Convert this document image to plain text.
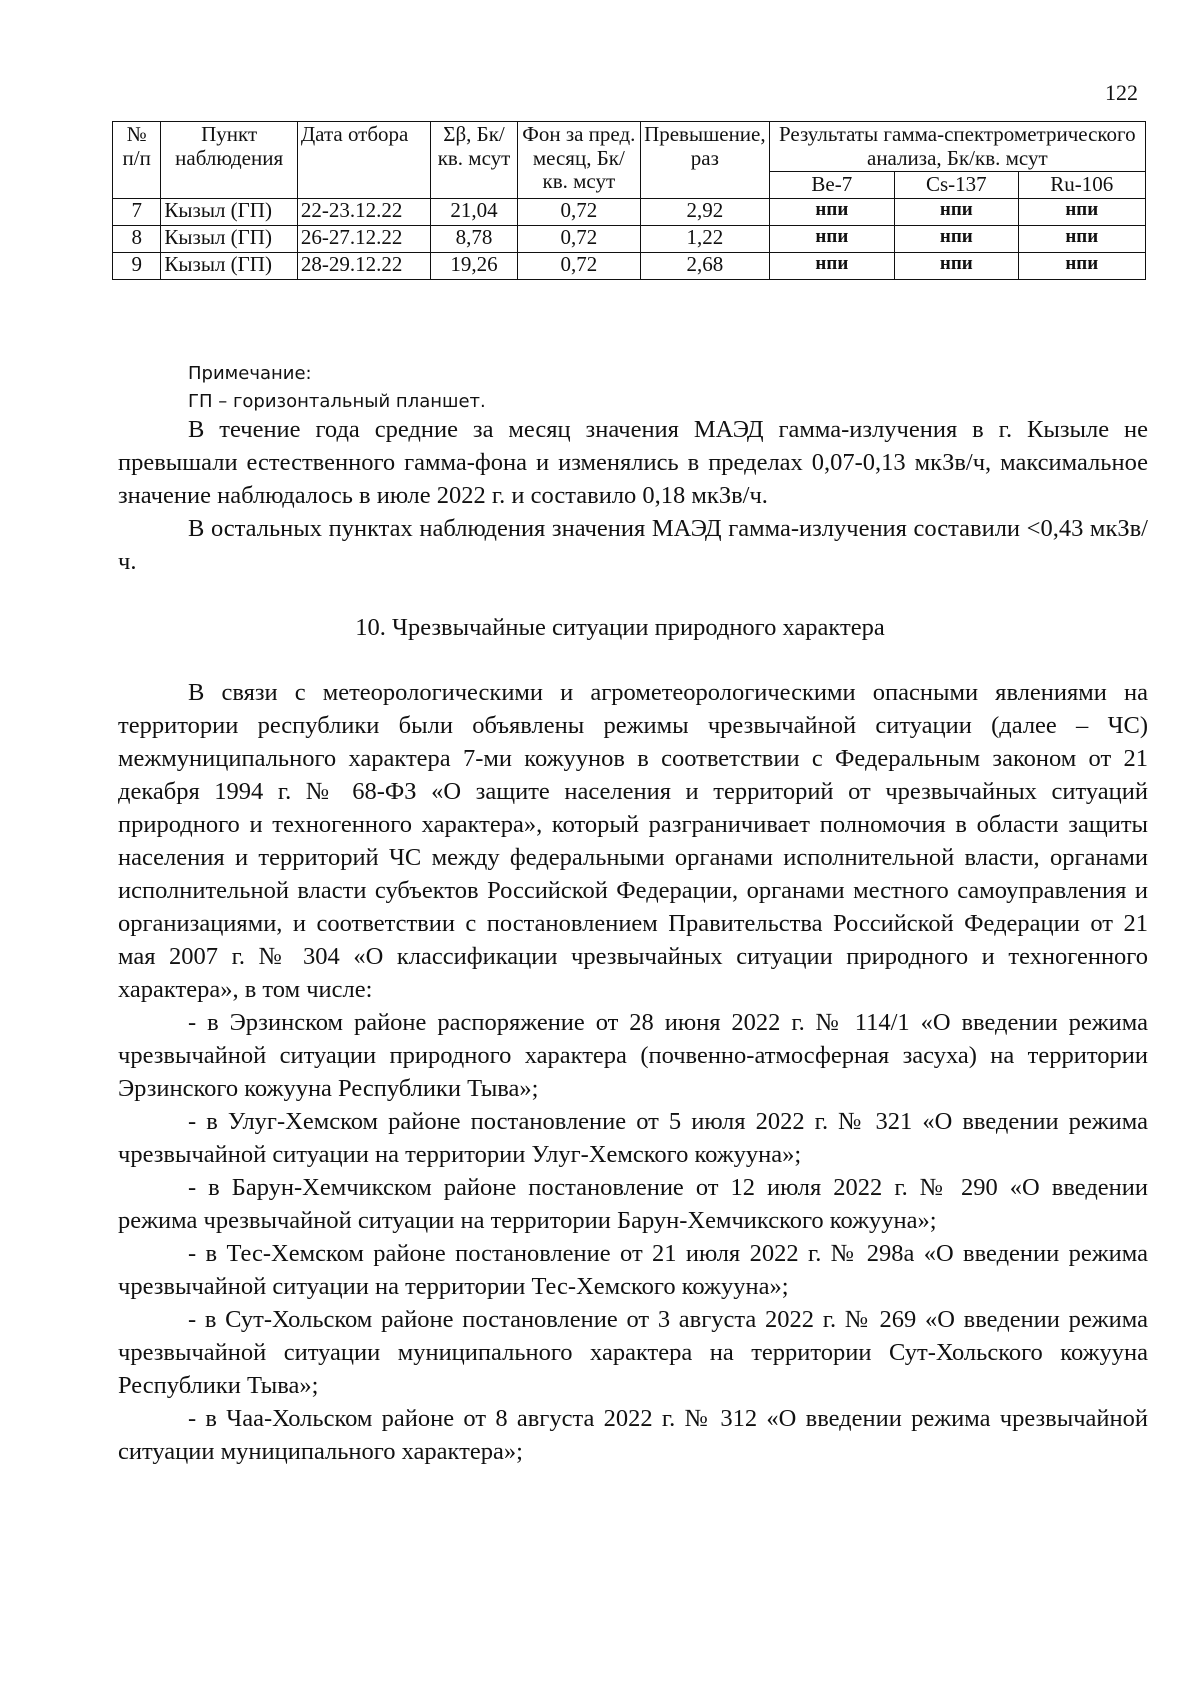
122
№ п/п	Пункт наблюдения	Дата отбора	Σβ, Бк/кв. мсут	Фон за пред. месяц, Бк/кв. мсут	Превышение, раз	Результаты гамма-спектрометрического анализа, Бк/кв. мсут		
						Be-7	Cs-137	Ru-106
7	Кызыл (ГП)	22-23.12.22	21,04	0,72	2,92	нпи	нпи	нпи
8	Кызыл (ГП)	26-27.12.22	8,78	0,72	1,22	нпи	нпи	нпи
9	Кызыл (ГП)	28-29.12.22	19,26	0,72	2,68	нпи	нпи	нпи
Примечание:
ГП – горизонтальный планшет.

В течение года средние за месяц значения МАЭД гамма-излучения в г. Кызыле не превышали естественного гамма-фона и изменялись в пределах 0,07-0,13 мкЗв/ч, максимальное значение наблюдалось в июле 2022 г. и составило 0,18 мкЗв/ч.

В остальных пунктах наблюдения значения МАЭД гамма-излучения составили <0,43 мкЗв/ч.

10. Чрезвычайные ситуации природного характера

В связи с метеорологическими и агрометеорологическими опасными явлениями на территории республики были объявлены режимы чрезвычайной ситуации (далее – ЧС) межмуниципального характера 7-ми кожуунов в соответствии с Федеральным законом от 21 декабря 1994 г. № 68-ФЗ «О защите населения и территорий от чрезвычайных ситуаций природного и техногенного характера», который разграничивает полномочия в области защиты населения и территорий ЧС между федеральными органами исполнительной власти, органами исполнительной власти субъектов Российской Федерации, органами местного самоуправления и организациями, и соответствии с постановлением Правительства Российской Федерации от 21 мая 2007 г. № 304 «О классификации чрезвычайных ситуации природного и техногенного характера», в том числе:

- в Эрзинском районе распоряжение от 28 июня 2022 г. № 114/1 «О введении режима чрезвычайной ситуации природного характера (почвенно-атмосферная засуха) на территории Эрзинского кожууна Республики Тыва»;

- в Улуг-Хемском районе постановление от 5 июля 2022 г. № 321 «О введении режима чрезвычайной ситуации на территории Улуг-Хемского кожууна»;

- в Барун-Хемчикском районе постановление от 12 июля 2022 г. № 290 «О введении режима чрезвычайной ситуации на территории Барун-Хемчикского кожууна»;

- в Тес-Хемском районе постановление от 21 июля 2022 г. № 298а «О введении режима чрезвычайной ситуации на территории Тес-Хемского кожууна»;

- в Сут-Хольском районе постановление от 3 августа 2022 г. № 269 «О введении режима чрезвычайной ситуации муниципального характера на территории Сут-Хольского кожууна Республики Тыва»;

- в Чаа-Хольском районе от 8 августа 2022 г. № 312 «О введении режима чрезвычайной ситуации муниципального характера»;
